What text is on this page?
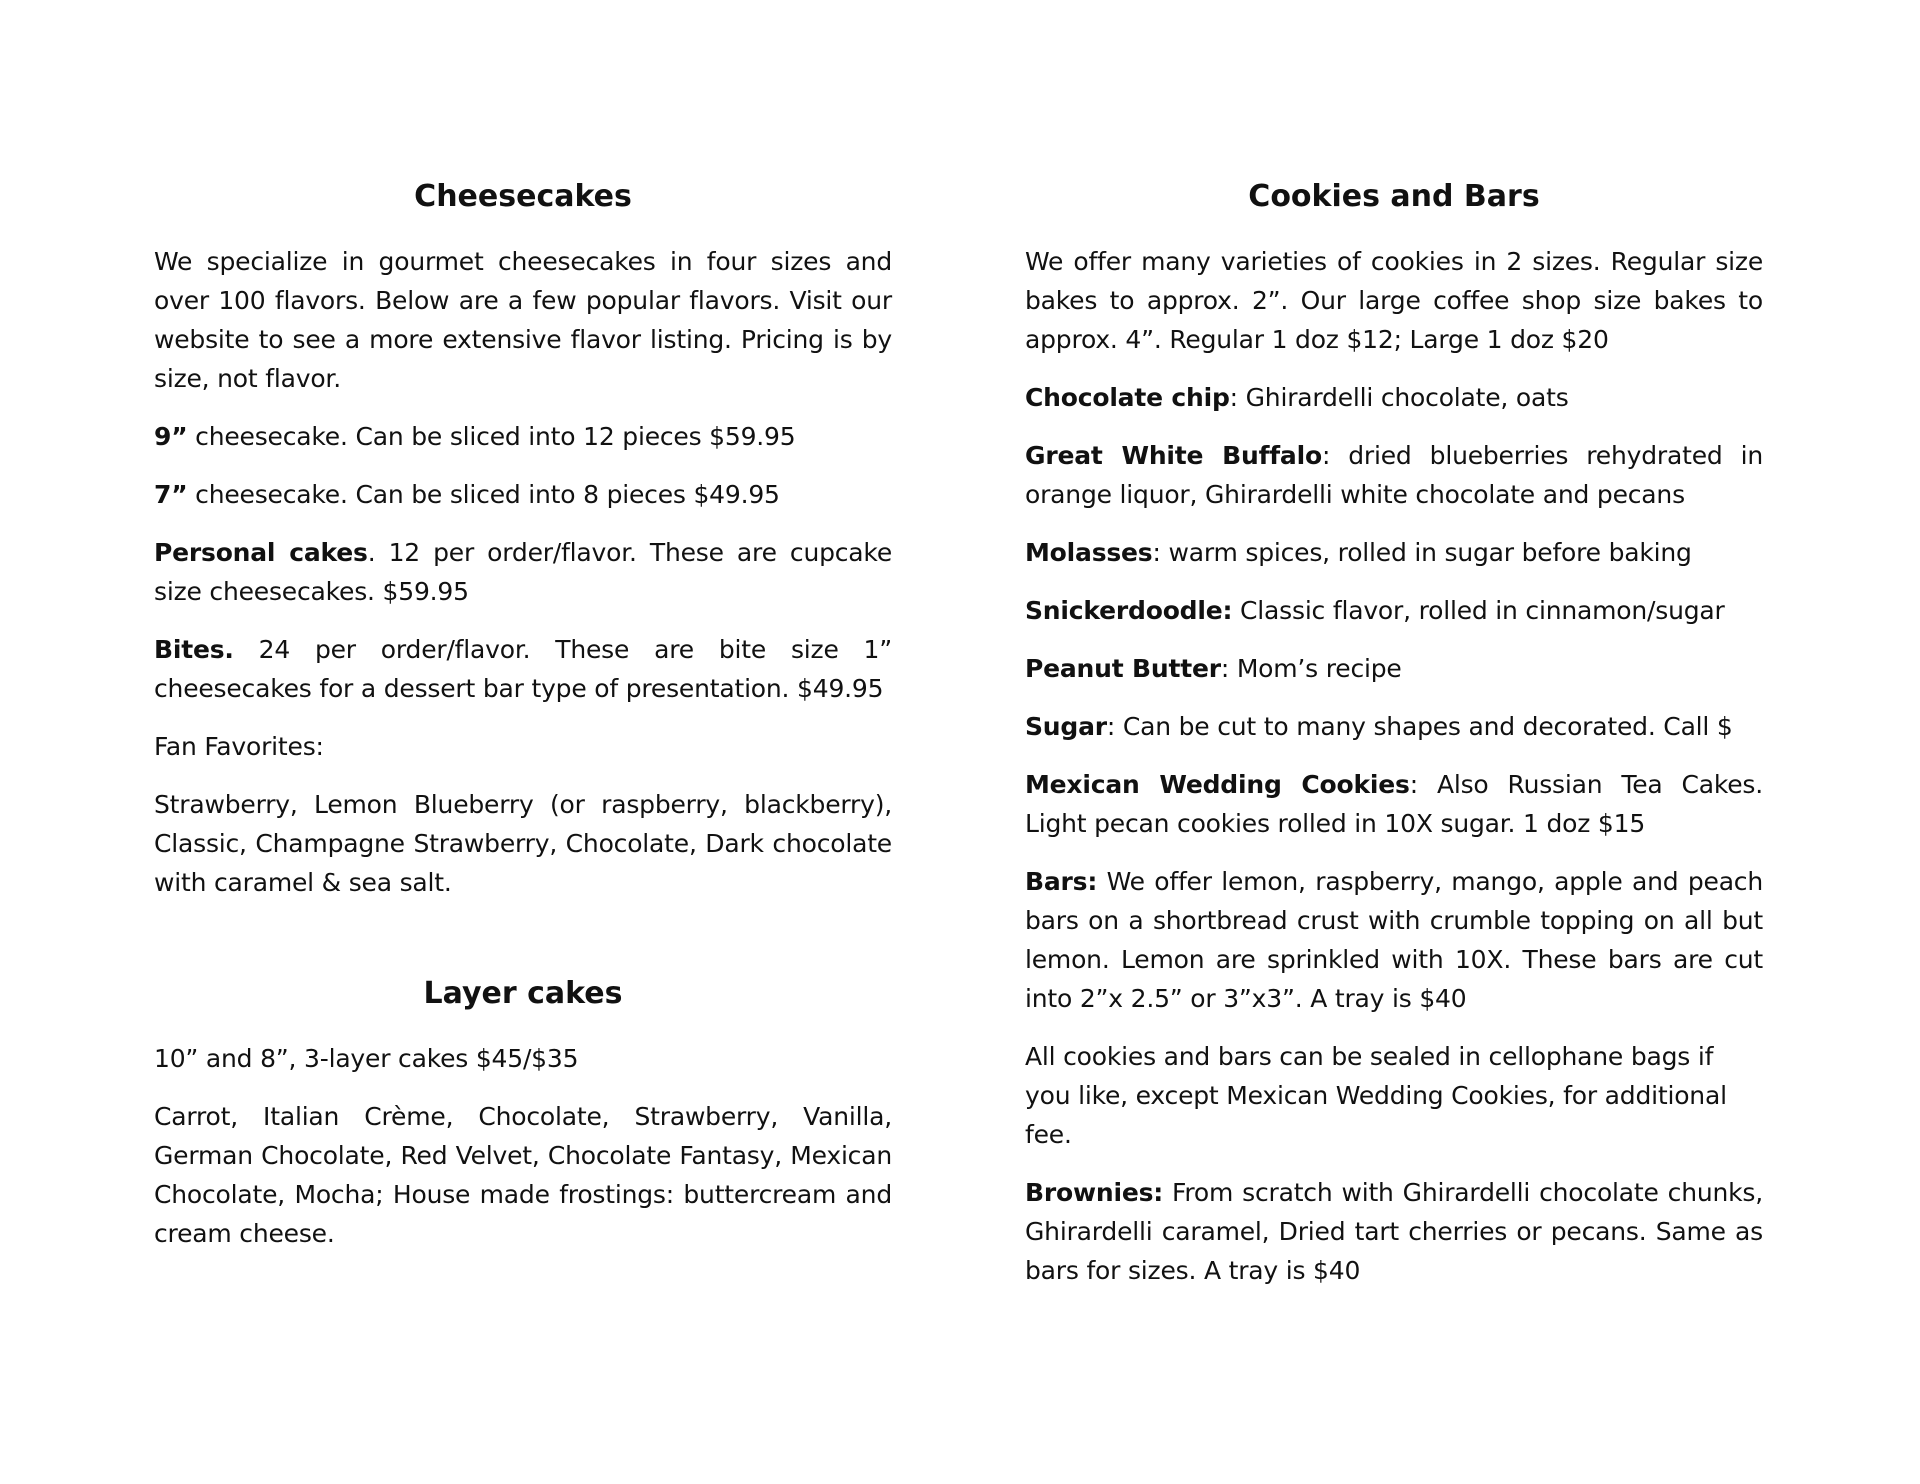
Cheesecakes

We specialize in gourmet cheesecakes in four sizes and over 100 flavors. Below are a few popular flavors. Visit our website to see a more extensive flavor listing. Pricing is by size, not flavor.

9” cheesecake. Can be sliced into 12 pieces $59.95

7” cheesecake. Can be sliced into 8 pieces $49.95

Personal cakes. 12 per order/flavor. These are cupcake size cheesecakes. $59.95

Bites. 24 per order/flavor. These are bite size 1” cheesecakes for a dessert bar type of presentation. $49.95

Fan Favorites:

Strawberry, Lemon Blueberry (or raspberry, blackberry), Classic, Champagne Strawberry, Chocolate, Dark chocolate with caramel & sea salt.

Layer cakes

10” and 8”, 3-layer cakes $45/$35

Carrot, Italian Crème, Chocolate, Strawberry, Vanilla, German Chocolate, Red Velvet, Chocolate Fantasy, Mexican Chocolate, Mocha; House made frostings: buttercream and cream cheese.

Cookies and Bars

We offer many varieties of cookies in 2 sizes. Regular size bakes to approx. 2”. Our large coffee shop size bakes to approx. 4”. Regular 1 doz $12; Large 1 doz $20

Chocolate chip: Ghirardelli chocolate, oats

Great White Buffalo: dried blueberries rehydrated in orange liquor, Ghirardelli white chocolate and pecans

Molasses: warm spices, rolled in sugar before baking

Snickerdoodle: Classic flavor, rolled in cinnamon/sugar

Peanut Butter: Mom’s recipe

Sugar: Can be cut to many shapes and decorated. Call $

Mexican Wedding Cookies: Also Russian Tea Cakes. Light pecan cookies rolled in 10X sugar. 1 doz $15

Bars: We offer lemon, raspberry, mango, apple and peach bars on a shortbread crust with crumble topping on all but lemon. Lemon are sprinkled with 10X. These bars are cut into 2”x 2.5” or 3”x3”. A tray is $40

All cookies and bars can be sealed in cellophane bags if you like, except Mexican Wedding Cookies, for additional fee.

Brownies: From scratch with Ghirardelli chocolate chunks, Ghirardelli caramel, Dried tart cherries or pecans. Same as bars for sizes. A tray is $40
